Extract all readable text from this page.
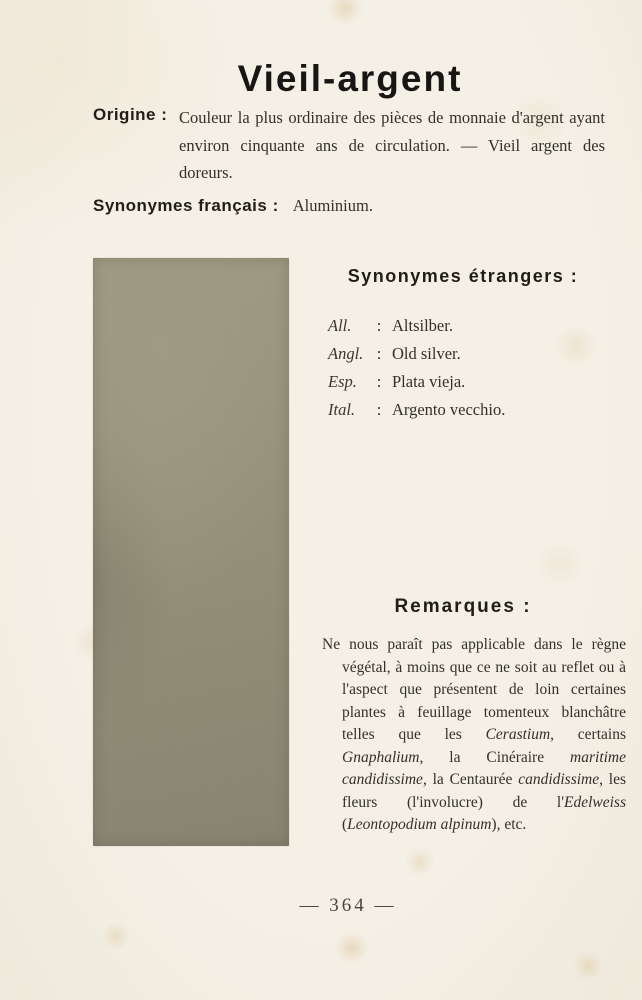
Vieil-argent
Origine : Couleur la plus ordinaire des pièces de monnaie d'argent ayant environ cinquante ans de circulation. — Vieil argent des doreurs.
Synonymes français : Aluminium.
Synonymes étrangers :
All.	: Altsilber.
Angl. : Old silver.
Esp.	: Plata vieja.
Ital.	: Argento vecchio.
Remarques :
Ne nous paraît pas applicable dans le règne végétal, à moins que ce ne soit au reflet ou à l'aspect que présentent de loin certaines plantes à feuillage tomenteux blanchâtre telles que les Cerastium, certains Gnaphalium, la Cinéraire maritime candidissime, la Centaurée candidissime, les fleurs (l'involucre) de l'Edelweiss (Leontopodium alpinum), etc.
— 364 —
